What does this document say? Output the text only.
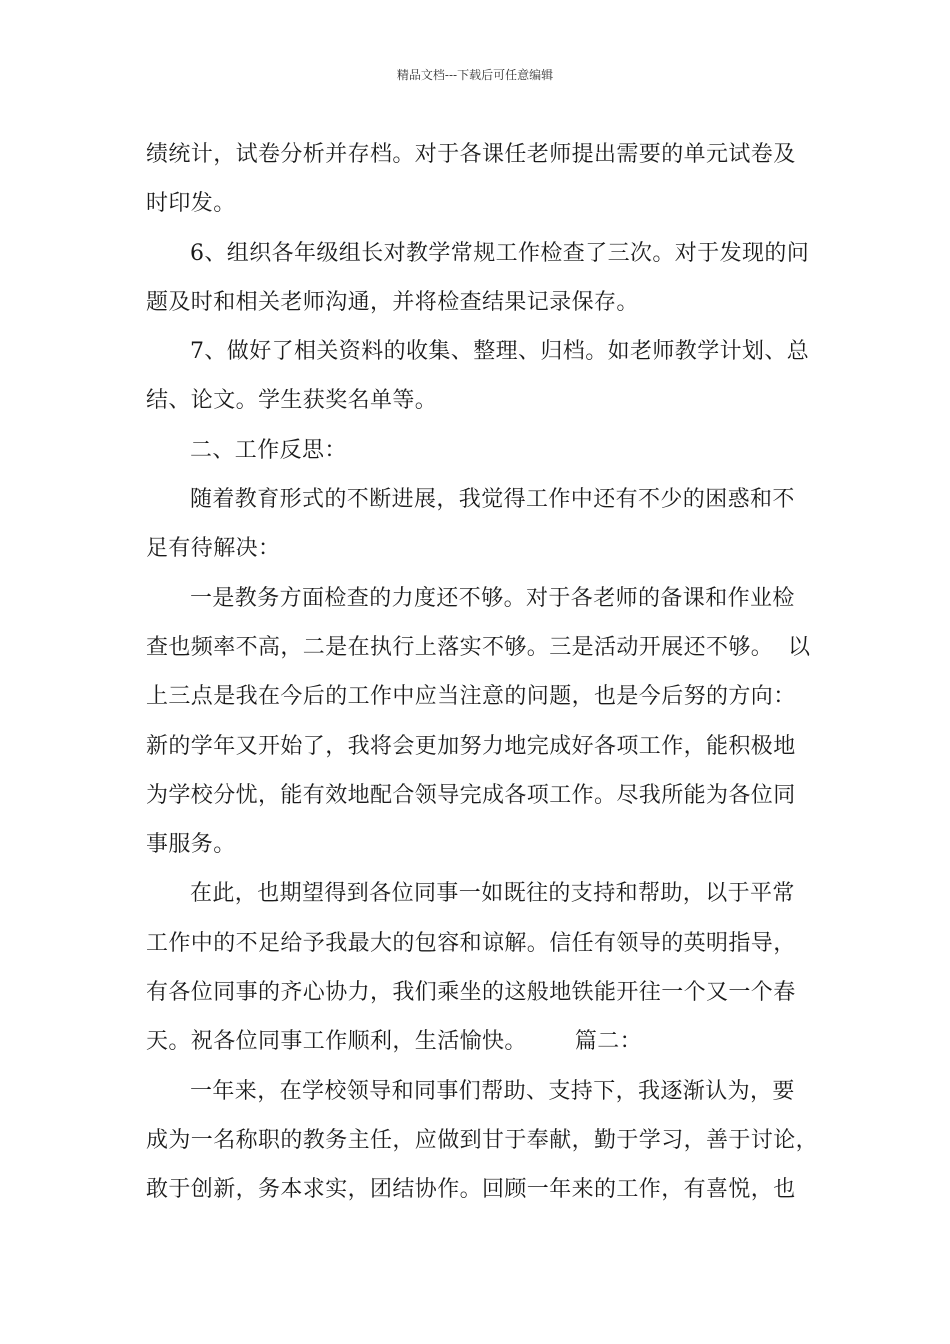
精品文档---下载后可任意编辑
绩统计，试卷分析并存档。对于各课任老师提出需要的单元试卷及
时印发。
6、组织各年级组长对教学常规工作检查了三次。对于发现的问
题及时和相关老师沟通，并将检查结果记录保存。
7、做好了相关资料的收集、整理、归档。如老师教学计划、总
结、论文。学生获奖名单等。
二、工作反思：
随着教育形式的不断进展，我觉得工作中还有不少的困惑和不
足有待解决：
一是教务方面检查的力度还不够。对于各老师的备课和作业检
查也频率不高，二是在执行上落实不够。三是活动开展还不够。  以
上三点是我在今后的工作中应当注意的问题，也是今后努的方向：
新的学年又开始了，我将会更加努力地完成好各项工作，能积极地
为学校分忧，能有效地配合领导完成各项工作。尽我所能为各位同
事服务。
在此，也期望得到各位同事一如既往的支持和帮助，以于平常
工作中的不足给予我最大的包容和谅解。信任有领导的英明指导，
有各位同事的齐心协力，我们乘坐的这般地铁能开往一个又一个春
天。祝各位同事工作顺利，生活愉快。 篇二：
一年来，在学校领导和同事们帮助、支持下，我逐渐认为，要
成为一名称职的教务主任，应做到甘于奉献，勤于学习，善于讨论，
敢于创新，务本求实，团结协作。回顾一年来的工作，有喜悦，也
